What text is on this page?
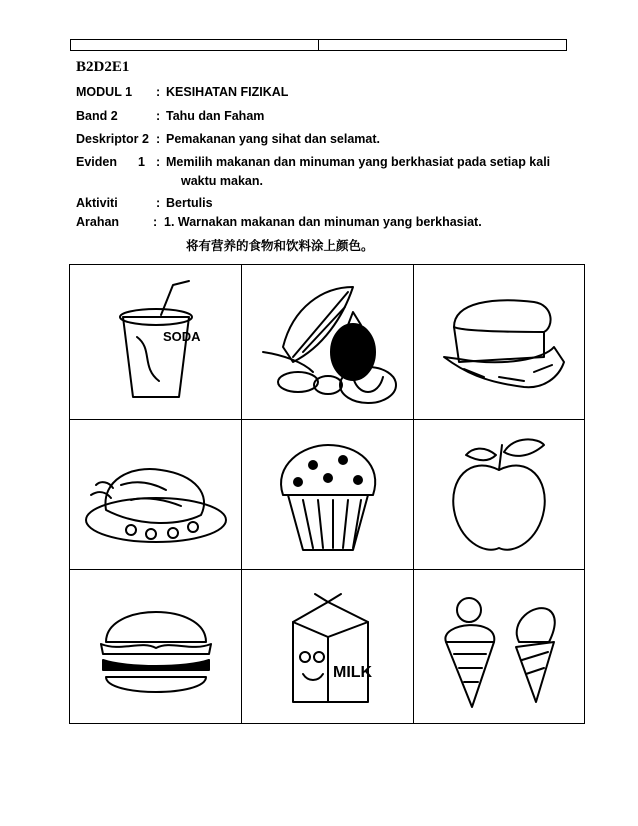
B2D2E1
MODUL 1 : KESIHATAN FIZIKAL
Band 2	: Tahu dan Faham
Deskriptor 2 : Pemakanan yang sihat dan selamat.
Eviden 1 : Memilih makanan dan minuman yang berkhasiat pada setiap kali
waktu makan.
Aktiviti	: Bertulis
Arahan	: 1. Warnakan makanan dan minuman yang berkhasiat.
将有营养的食物和饮料涂上颜色。
SODA
MILK
